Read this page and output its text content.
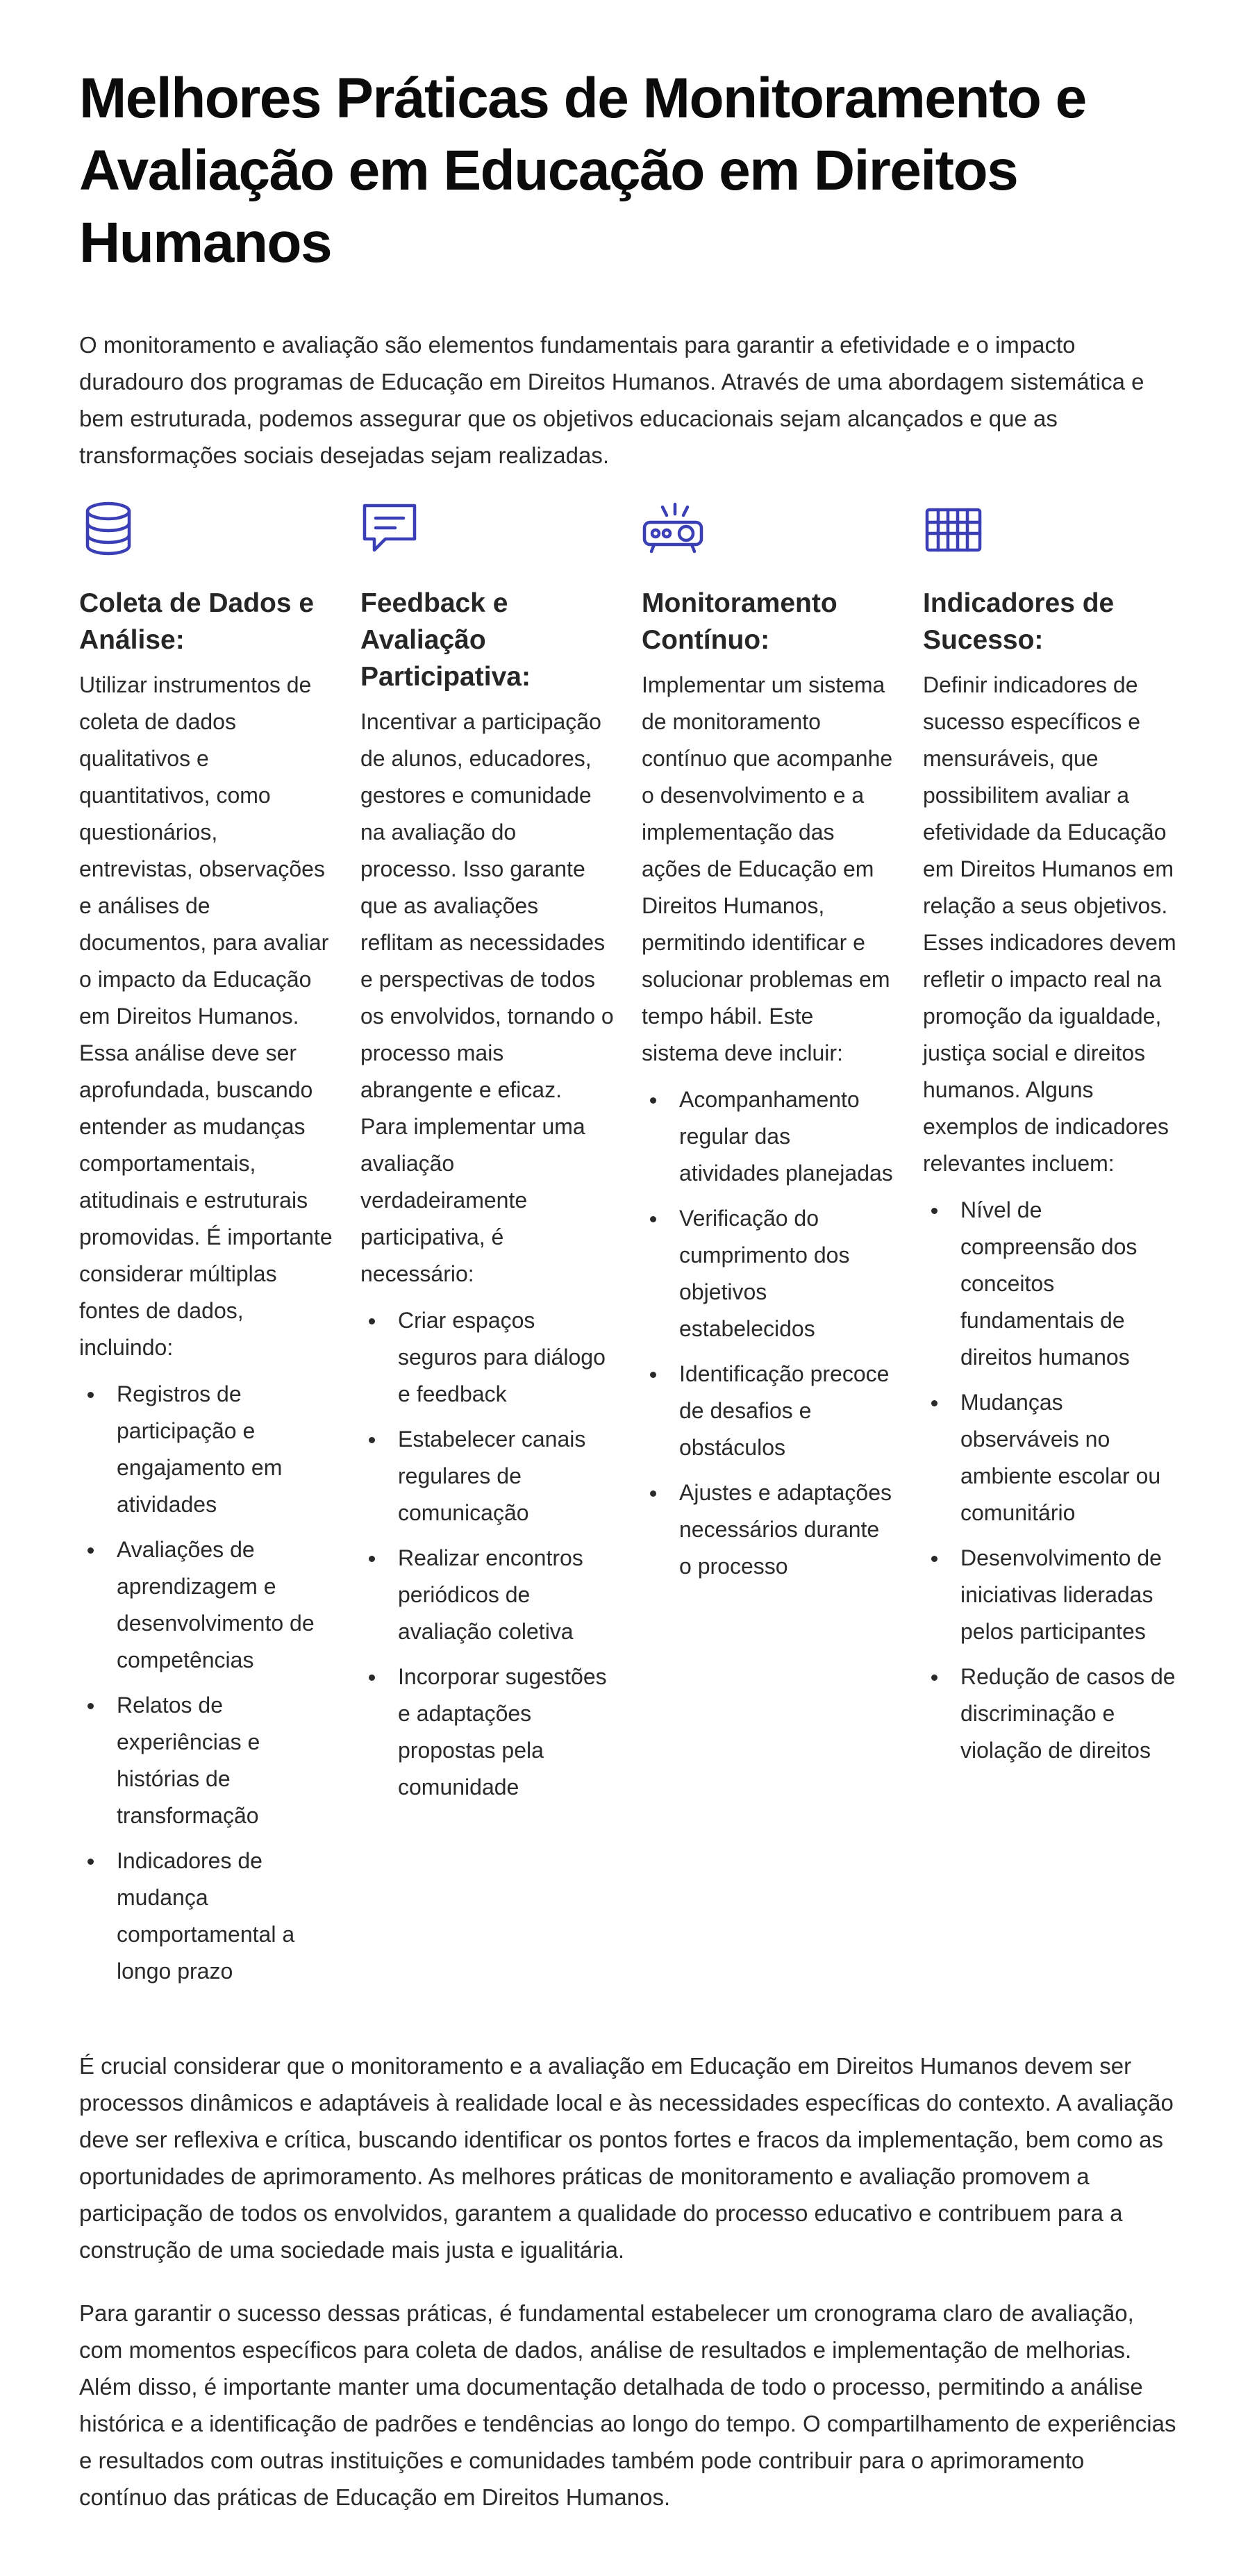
Melhores Práticas de Monitoramento e Avaliação em Educação em Direitos Humanos

O monitoramento e avaliação são elementos fundamentais para garantir a efetividade e o impacto duradouro dos programas de Educação em Direitos Humanos. Através de uma abordagem sistemática e bem estruturada, podemos assegurar que os objetivos educacionais sejam alcançados e que as transformações sociais desejadas sejam realizadas.

Coleta de Dados e Análise:

Utilizar instrumentos de coleta de dados qualitativos e quantitativos, como questionários, entrevistas, observações e análises de documentos, para avaliar o impacto da Educação em Direitos Humanos. Essa análise deve ser aprofundada, buscando entender as mudanças comportamentais, atitudinais e estruturais promovidas. É importante considerar múltiplas fontes de dados, incluindo:

Registros de participação e engajamento em atividades
Avaliações de aprendizagem e desenvolvimento de competências
Relatos de experiências e histórias de transformação
Indicadores de mudança comportamental a longo prazo
Feedback e Avaliação Participativa:

Incentivar a participação de alunos, educadores, gestores e comunidade na avaliação do processo. Isso garante que as avaliações reflitam as necessidades e perspectivas de todos os envolvidos, tornando o processo mais abrangente e eficaz. Para implementar uma avaliação verdadeiramente participativa, é necessário:

Criar espaços seguros para diálogo e feedback
Estabelecer canais regulares de comunicação
Realizar encontros periódicos de avaliação coletiva
Incorporar sugestões e adaptações propostas pela comunidade
Monitoramento Contínuo:

Implementar um sistema de monitoramento contínuo que acompanhe o desenvolvimento e a implementação das ações de Educação em Direitos Humanos, permitindo identificar e solucionar problemas em tempo hábil. Este sistema deve incluir:

Acompanhamento regular das atividades planejadas
Verificação do cumprimento dos objetivos estabelecidos
Identificação precoce de desafios e obstáculos
Ajustes e adaptações necessários durante o processo
Indicadores de Sucesso:

Definir indicadores de sucesso específicos e mensuráveis, que possibilitem avaliar a efetividade da Educação em Direitos Humanos em relação a seus objetivos. Esses indicadores devem refletir o impacto real na promoção da igualdade, justiça social e direitos humanos. Alguns exemplos de indicadores relevantes incluem:

Nível de compreensão dos conceitos fundamentais de direitos humanos
Mudanças observáveis no ambiente escolar ou comunitário
Desenvolvimento de iniciativas lideradas pelos participantes
Redução de casos de discriminação e violação de direitos

É crucial considerar que o monitoramento e a avaliação em Educação em Direitos Humanos devem ser processos dinâmicos e adaptáveis à realidade local e às necessidades específicas do contexto. A avaliação deve ser reflexiva e crítica, buscando identificar os pontos fortes e fracos da implementação, bem como as oportunidades de aprimoramento. As melhores práticas de monitoramento e avaliação promovem a participação de todos os envolvidos, garantem a qualidade do processo educativo e contribuem para a construção de uma sociedade mais justa e igualitária.

Para garantir o sucesso dessas práticas, é fundamental estabelecer um cronograma claro de avaliação, com momentos específicos para coleta de dados, análise de resultados e implementação de melhorias. Além disso, é importante manter uma documentação detalhada de todo o processo, permitindo a análise histórica e a identificação de padrões e tendências ao longo do tempo. O compartilhamento de experiências e resultados com outras instituições e comunidades também pode contribuir para o aprimoramento contínuo das práticas de Educação em Direitos Humanos.
